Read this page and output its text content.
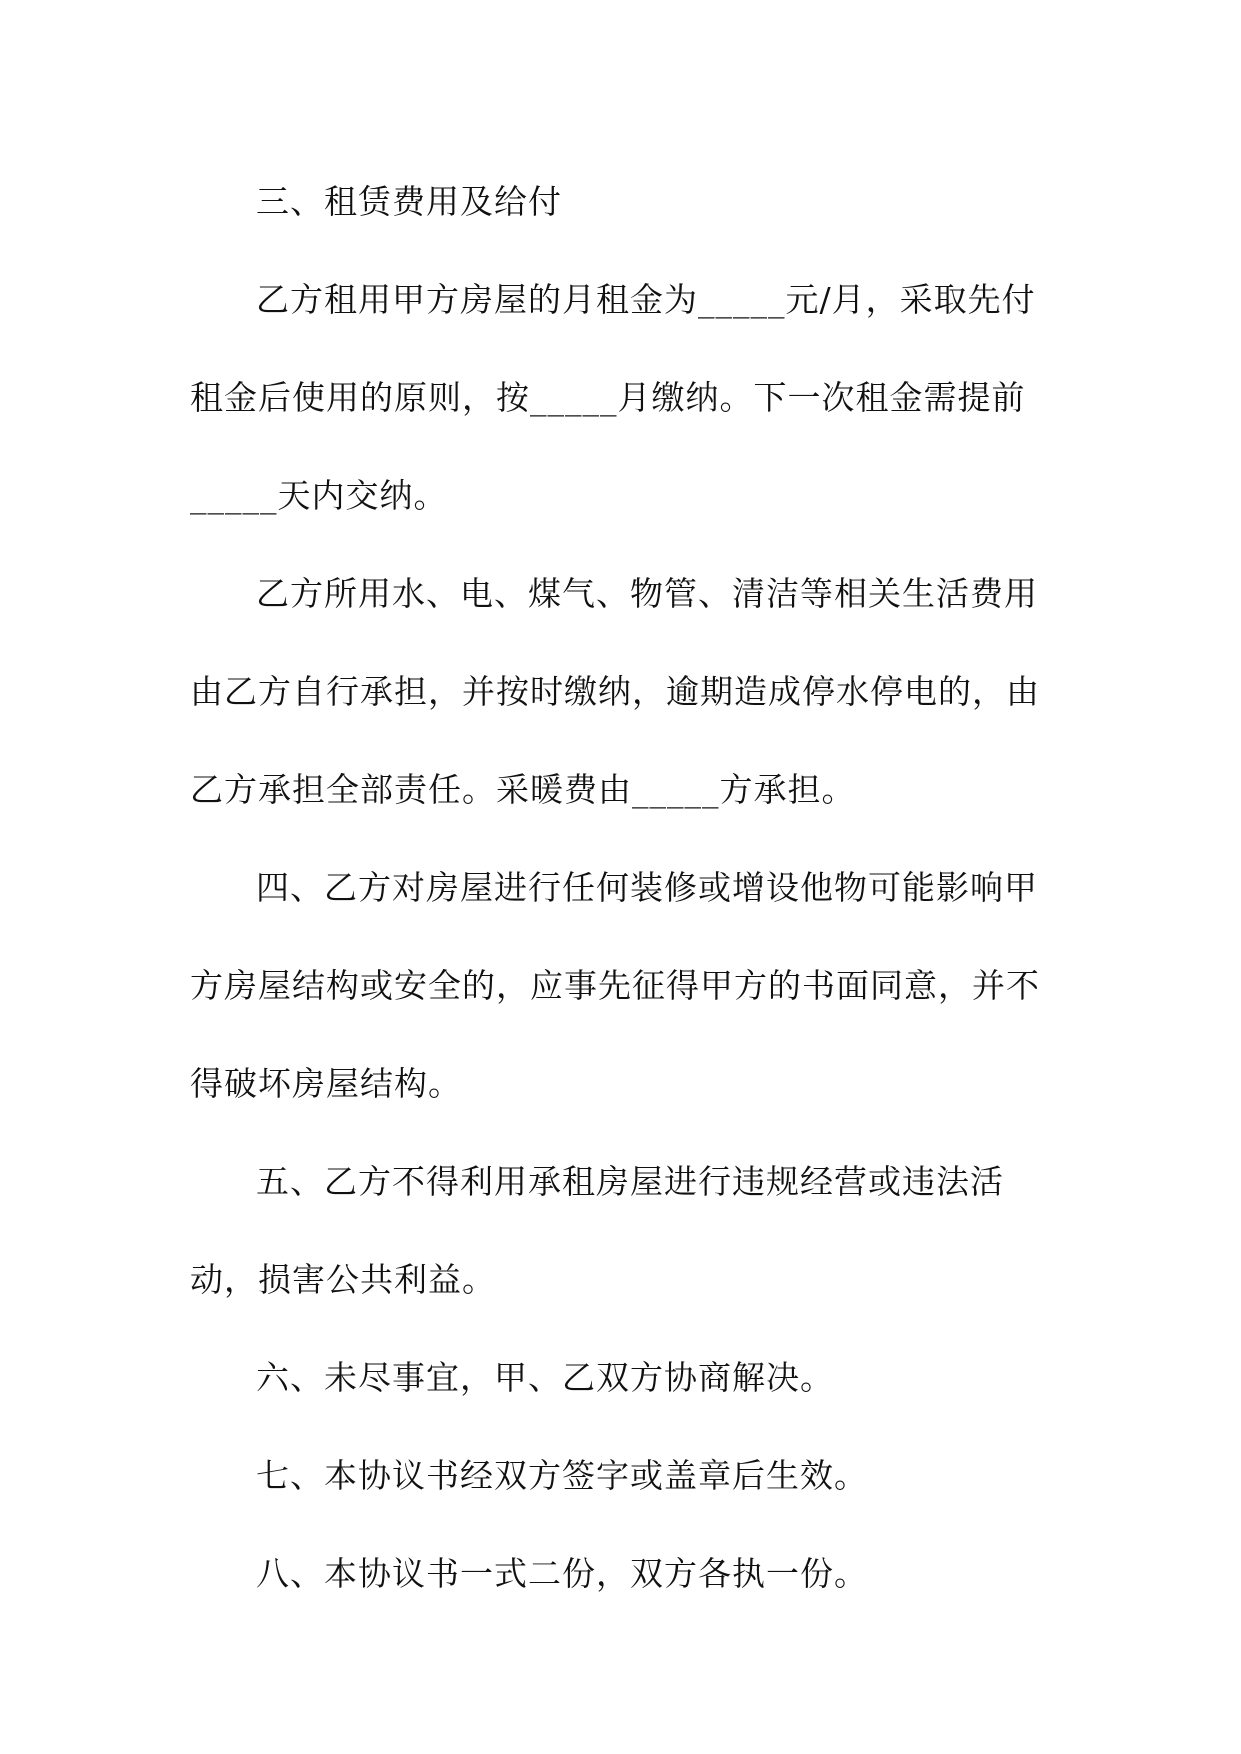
三、租赁费用及给付
乙方租用甲方房屋的月租金为_____元/月，采取先付
租金后使用的原则，按_____月缴纳。下一次租金需提前
_____天内交纳。
乙方所用水、电、煤气、物管、清洁等相关生活费用
由乙方自行承担，并按时缴纳，逾期造成停水停电的，由
乙方承担全部责任。采暖费由_____方承担。
四、乙方对房屋进行任何装修或增设他物可能影响甲
方房屋结构或安全的，应事先征得甲方的书面同意，并不
得破坏房屋结构。
五、乙方不得利用承租房屋进行违规经营或违法活
动，损害公共利益。
六、未尽事宜，甲、乙双方协商解决。
七、本协议书经双方签字或盖章后生效。
八、本协议书一式二份，双方各执一份。
